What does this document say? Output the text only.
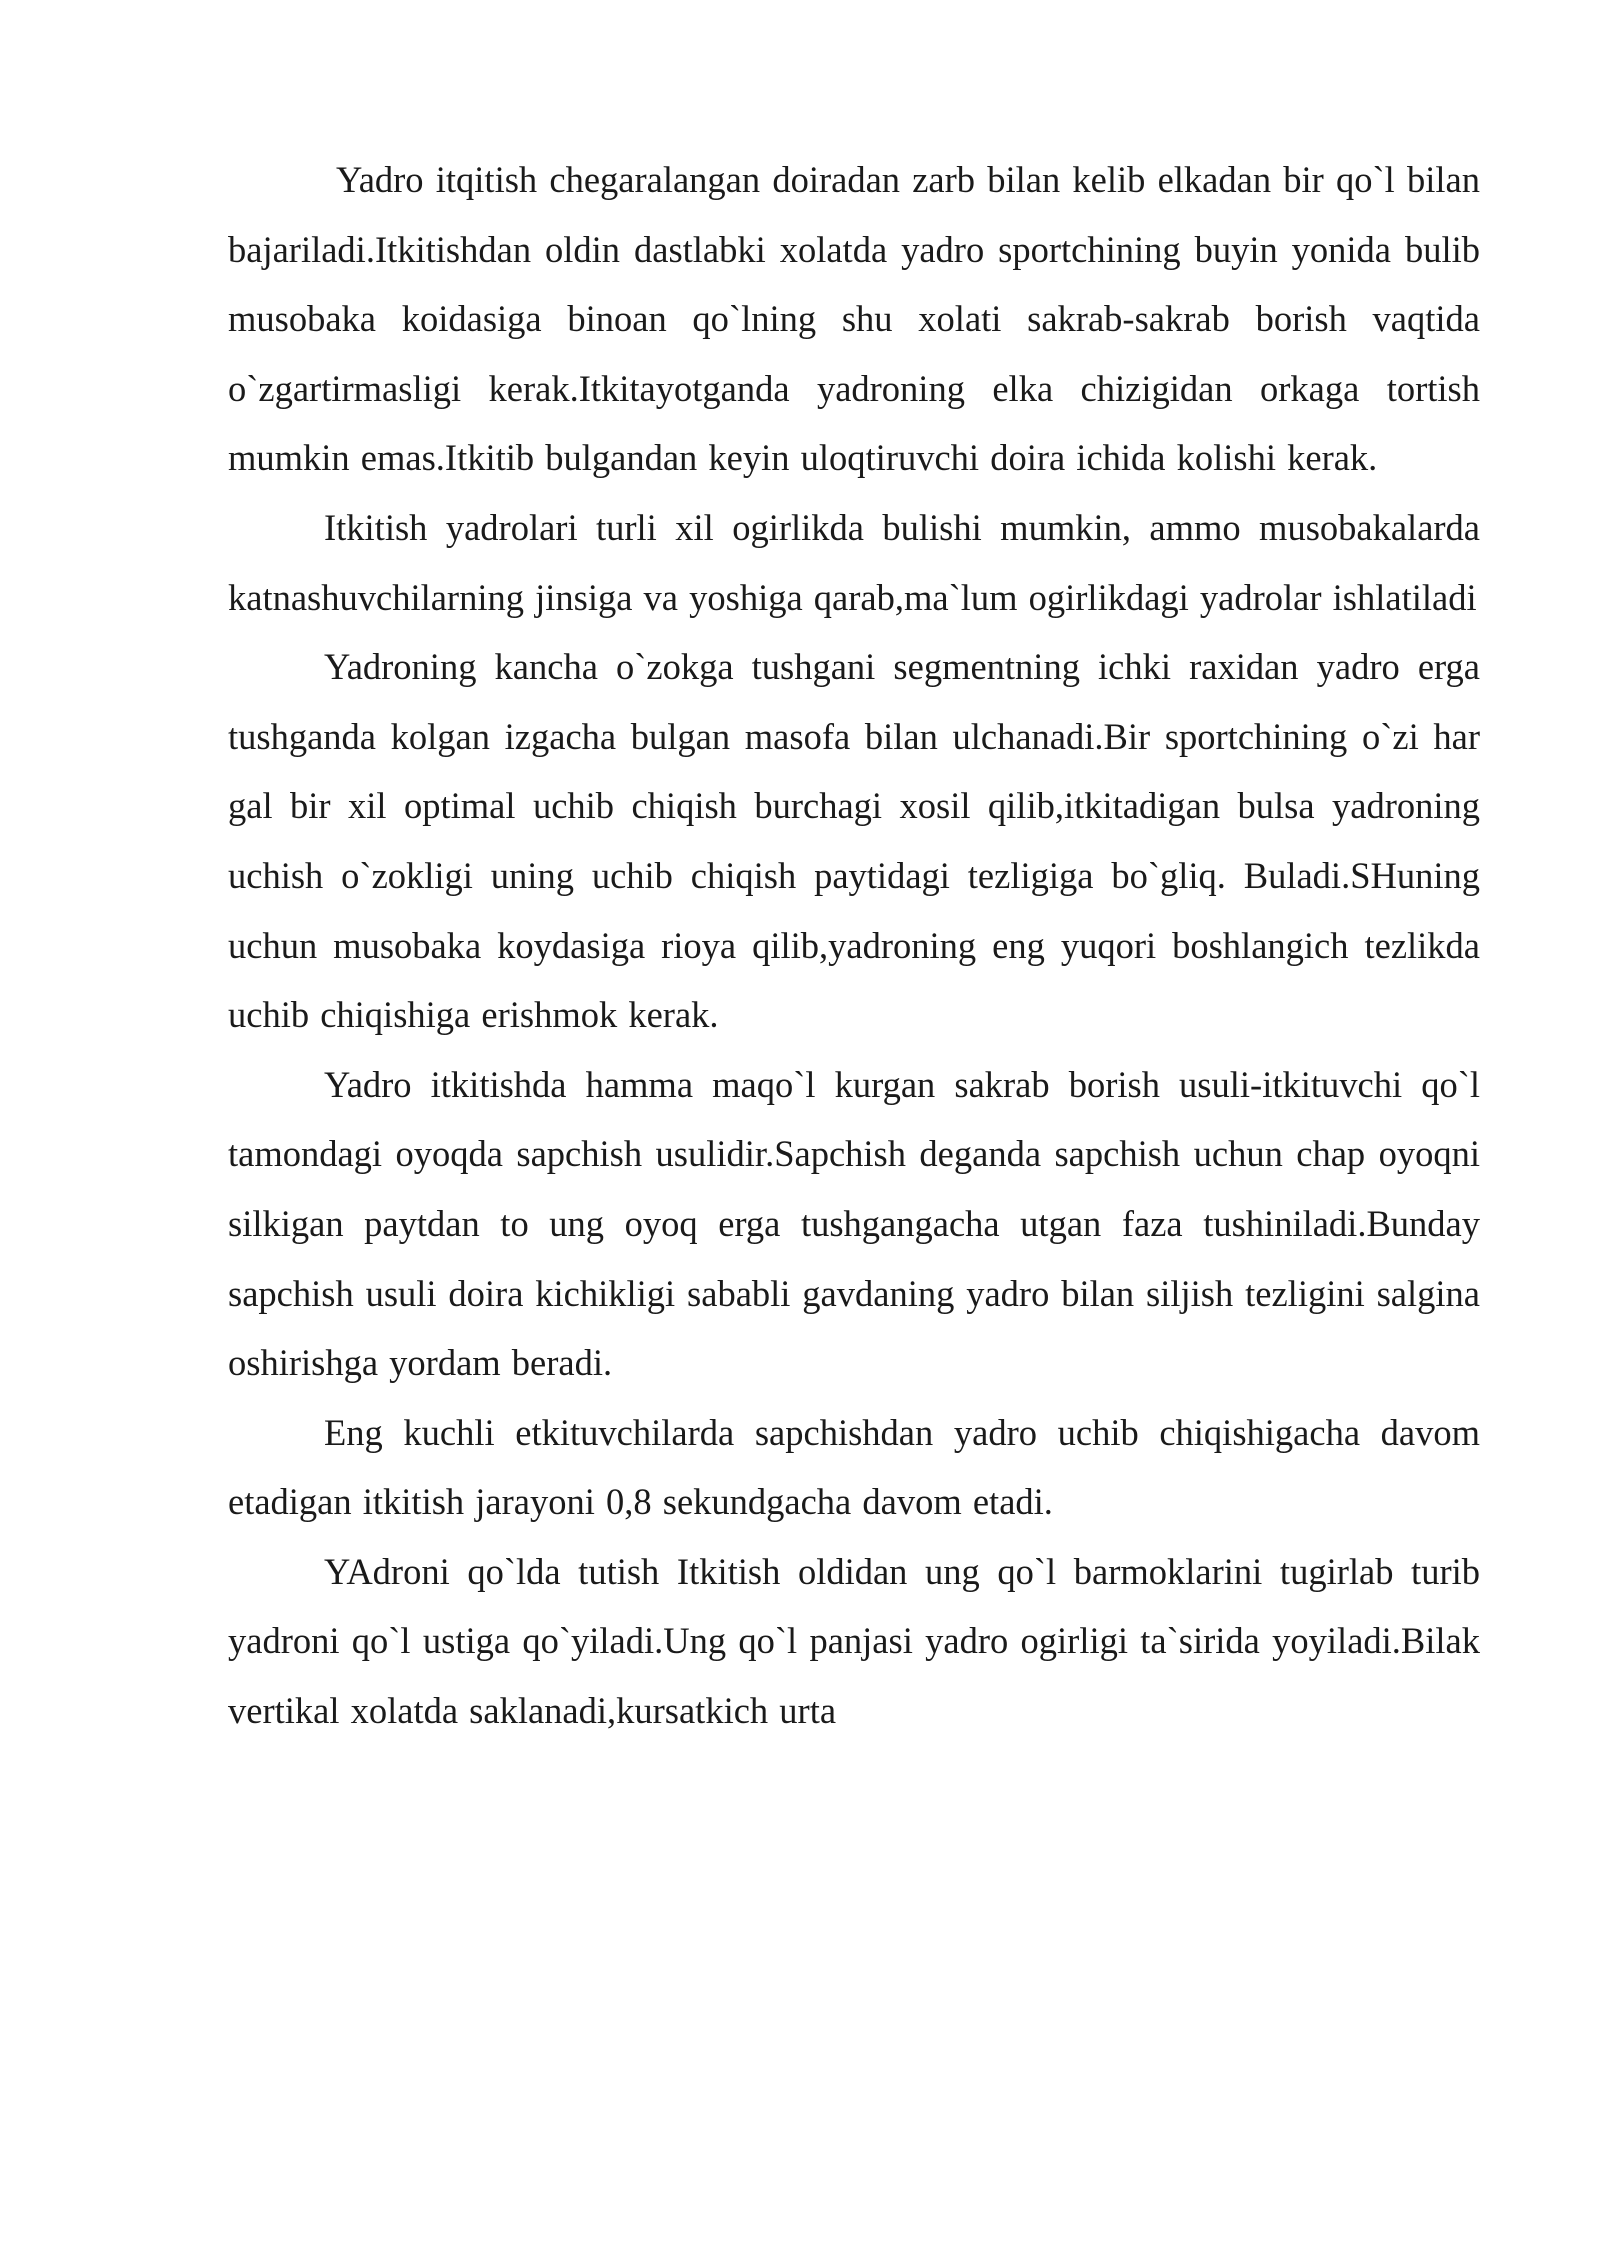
Yadro itqitish chegaralangan doiradan zarb bilan kelib elkadan bir qo`l bilan bajariladi.Itkitishdan oldin dastlabki xolatda yadro sportchining buyin yonida bulib musobaka koidasiga binoan qo`lning shu xolati sakrab-sakrab borish vaqtida o`zgartirmasligi kerak.Itkitayotganda yadroning elka chizigidan orkaga tortish mumkin emas.Itkitib bulgandan keyin uloqtiruvchi doira ichida kolishi kerak.

Itkitish yadrolari turli xil ogirlikda bulishi mumkin, ammo musobakalarda katnashuvchilarning jinsiga va yoshiga qarab,ma`lum ogirlikdagi yadrolar ishlatiladi

Yadroning kancha o`zokga tushgani segmentning ichki raxidan yadro erga tushganda kolgan izgacha bulgan masofa bilan ulchanadi.Bir sportchining o`zi har gal bir xil optimal uchib chiqish burchagi xosil qilib,itkitadigan bulsa yadroning uchish o`zokligi uning uchib chiqish paytidagi tezligiga bo`gliq. Buladi.SHuning uchun musobaka koydasiga rioya qilib,yadroning eng yuqori boshlangich tezlikda uchib chiqishiga erishmok kerak.

Yadro itkitishda hamma maqo`l kurgan sakrab borish usuli-itkituvchi qo`l tamondagi oyoqda sapchish usulidir.Sapchish deganda sapchish uchun chap oyoqni silkigan paytdan to ung oyoq erga tushgangacha utgan faza tushiniladi.Bunday sapchish usuli doira kichikligi sababli gavdaning yadro bilan siljish tezligini salgina oshirishga yordam beradi.

Eng kuchli etkituvchilarda sapchishdan yadro uchib chiqishigacha davom etadigan itkitish jarayoni 0,8 sekundgacha davom etadi.

YAdroni qo`lda tutish Itkitish oldidan ung qo`l barmoklarini tugirlab turib yadroni qo`l ustiga qo`yiladi.Ung qo`l panjasi yadro ogirligi ta`sirida yoyiladi.Bilak vertikal xolatda saklanadi,kursatkich urta
